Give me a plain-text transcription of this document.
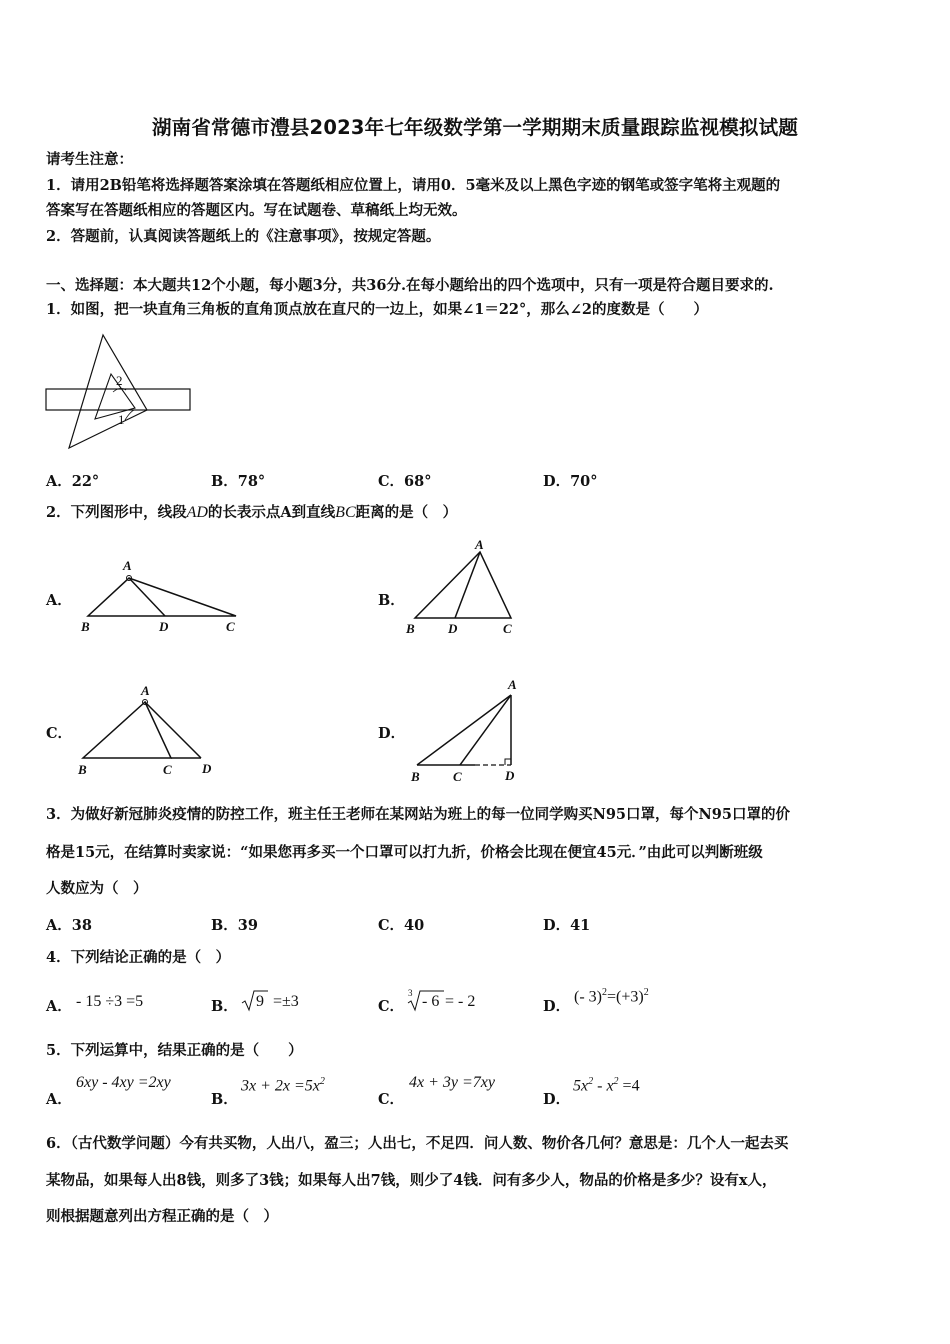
湖南省常德市澧县2023年七年级数学第一学期期末质量跟踪监视模拟试题
请考生注意：
1．请用2B铅笔将选择题答案涂填在答题纸相应位置上，请用0．5毫米及以上黑色字迹的钢笔或签字笔将主观题的
答案写在答题纸相应的答题区内。写在试题卷、草稿纸上均无效。
2．答题前，认真阅读答题纸上的《注意事项》，按规定答题。
一、选择题：本大题共12个小题，每小题3分，共36分.在每小题给出的四个选项中，只有一项是符合题目要求的.
1．如图，把一块直角三角板的直角顶点放在直尺的一边上，如果∠1＝22°，那么∠2的度数是（　　）
2
1
A．22°	B．78°	C．68°	D．70°
2．下列图形中，线段AD的长表示点A到直线BC距离的是（　）
A．
A
B	D	C
B．
A
B	D	C
C．
A
B	C D
D．
A
B	C	D
3．为做好新冠肺炎疫情的防控工作，班主任王老师在某网站为班上的每一位同学购买N95口罩，每个N95口罩的价
格是15元，在结算时卖家说：“如果您再多买一个口罩可以打九折，价格会比现在便宜45元．”由此可以判断班级
人数应为（　）
A．38	B．39	C．40	D．41
4．下列结论正确的是（　）
A． - 15 ÷3 =5	B． 9 =±3	C．
3 - 6 = - 2	D．
(- $3)^2=(+3)^2$
5．下列运算中，结果正确的是（　　）
A．
6xy - 4xy =2xy
B．
$3x + 2x =5x^2$
C．
4x + 3y =7xy
D．
$5x^2 - x^2 =4$
6．（古代数学问题）今有共买物，人出八，盈三；人出七，不足四．问人数、物价各几何？意思是：几个人一起去买
某物品，如果每人出8钱，则多了3钱；如果每人出7钱，则少了4钱．问有多少人，物品的价格是多少？设有x人，
则根据题意列出方程正确的是（　）
